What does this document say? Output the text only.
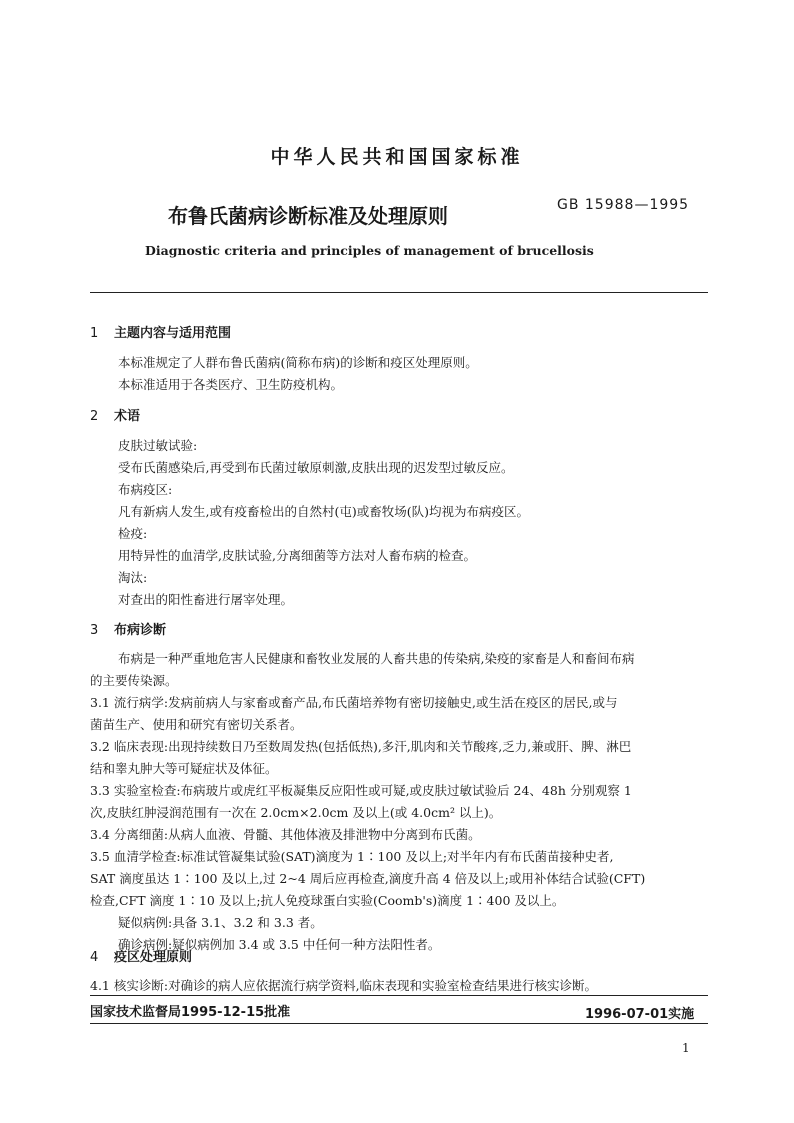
中华人民共和国国家标准
布鲁氏菌病诊断标准及处理原则	GB 15988—1995
Diagnostic criteria and principles of management of brucellosis
1 主题内容与适用范围
本标准规定了人群布鲁氏菌病(简称布病)的诊断和疫区处理原则。
本标准适用于各类医疗、卫生防疫机构。
2 术语
皮肤过敏试验:
受布氏菌感染后,再受到布氏菌过敏原刺激,皮肤出现的迟发型过敏反应。
布病疫区:
凡有新病人发生,或有疫畜检出的自然村(屯)或畜牧场(队)均视为布病疫区。
检疫:
用特异性的血清学,皮肤试验,分离细菌等方法对人畜布病的检查。
淘汰:
对查出的阳性畜进行屠宰处理。
3 布病诊断
布病是一种严重地危害人民健康和畜牧业发展的人畜共患的传染病,染疫的家畜是人和畜间布病
的主要传染源。
3.1 流行病学:发病前病人与家畜或畜产品,布氏菌培养物有密切接触史,或生活在疫区的居民,或与
菌苗生产、使用和研究有密切关系者。
3.2 临床表现:出现持续数日乃至数周发热(包括低热),多汗,肌肉和关节酸疼,乏力,兼或肝、脾、淋巴
结和睾丸肿大等可疑症状及体征。
3.3 实验室检查:布病玻片或虎红平板凝集反应阳性或可疑,或皮肤过敏试验后 24、48h 分别观察 1
次,皮肤红肿浸润范围有一次在 2.0cm×2.0cm 及以上(或 4.0cm² 以上)。
3.4 分离细菌:从病人血液、骨髓、其他体液及排泄物中分离到布氏菌。
3.5 血清学检查:标准试管凝集试验(SAT)滴度为 1∶100 及以上;对半年内有布氏菌苗接种史者,
SAT 滴度虽达 1∶100 及以上,过 2~4 周后应再检查,滴度升高 4 倍及以上;或用补体结合试验(CFT)
检查,CFT 滴度 1∶10 及以上;抗人免疫球蛋白实验(Coomb's)滴度 1∶400 及以上。
疑似病例:具备 3.1、3.2 和 3.3 者。
确诊病例:疑似病例加 3.4 或 3.5 中任何一种方法阳性者。
4 疫区处理原则
4.1 核实诊断:对确诊的病人应依据流行病学资料,临床表现和实验室检查结果进行核实诊断。
国家技术监督局1995-12-15批准	1996-07-01实施
1
